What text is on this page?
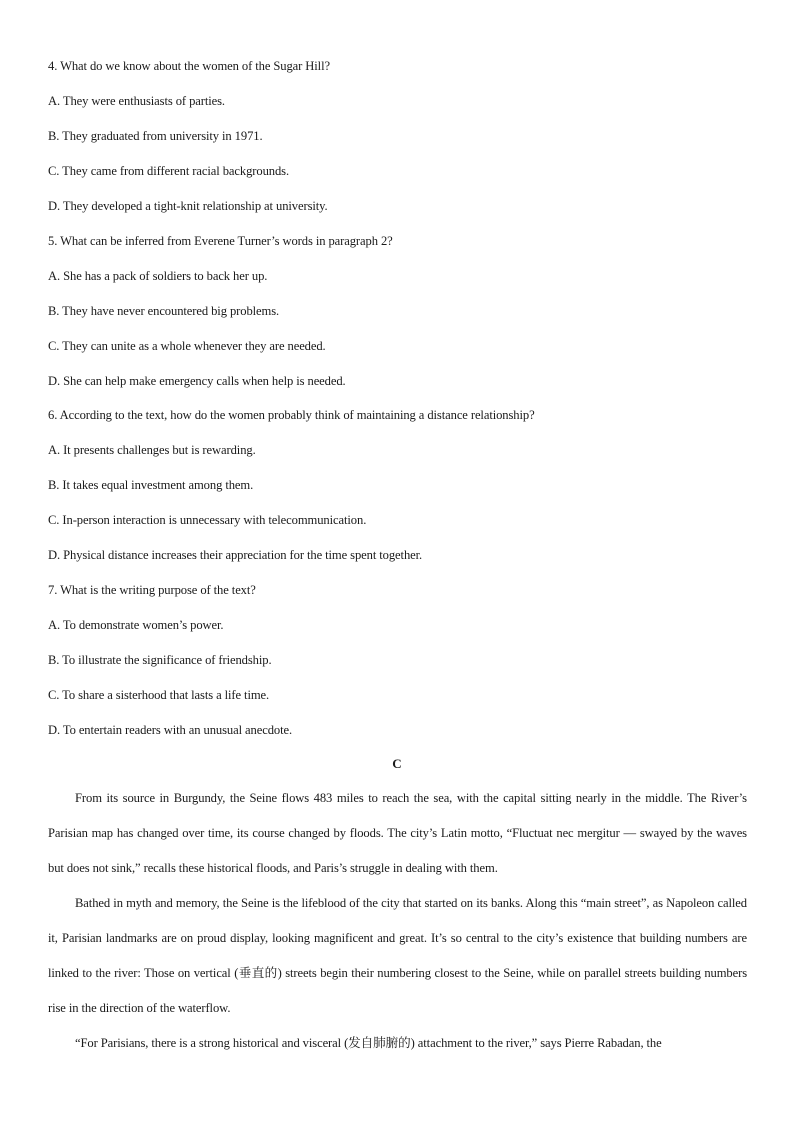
4. What do we know about the women of the Sugar Hill?
A. They were enthusiasts of parties.
B. They graduated from university in 1971.
C. They came from different racial backgrounds.
D. They developed a tight-knit relationship at university.
5. What can be inferred from Everene Turner’s words in paragraph 2?
A. She has a pack of soldiers to back her up.
B. They have never encountered big problems.
C. They can unite as a whole whenever they are needed.
D. She can help make emergency calls when help is needed.
6. According to the text, how do the women probably think of maintaining a distance relationship?
A. It presents challenges but is rewarding.
B. It takes equal investment among them.
C. In-person interaction is unnecessary with telecommunication.
D. Physical distance increases their appreciation for the time spent together.
7. What is the writing purpose of the text?
A. To demonstrate women’s power.
B. To illustrate the significance of friendship.
C. To share a sisterhood that lasts a life time.
D. To entertain readers with an unusual anecdote.
C
From its source in Burgundy, the Seine flows 483 miles to reach the sea, with the capital sitting nearly in the middle. The River’s Parisian map has changed over time, its course changed by floods. The city’s Latin motto, “Fluctuat nec mergitur — swayed by the waves but does not sink,” recalls these historical floods, and Paris’s struggle in dealing with them.
Bathed in myth and memory, the Seine is the lifeblood of the city that started on its banks. Along this “main street”, as Napoleon called it, Parisian landmarks are on proud display, looking magnificent and great. It’s so central to the city’s existence that building numbers are linked to the river: Those on vertical (垂直的) streets begin their numbering closest to the Seine, while on parallel streets building numbers rise in the direction of the waterflow.
“For Parisians, there is a strong historical and visceral (发自肺腑的) attachment to the river,” says Pierre Rabadan, the
